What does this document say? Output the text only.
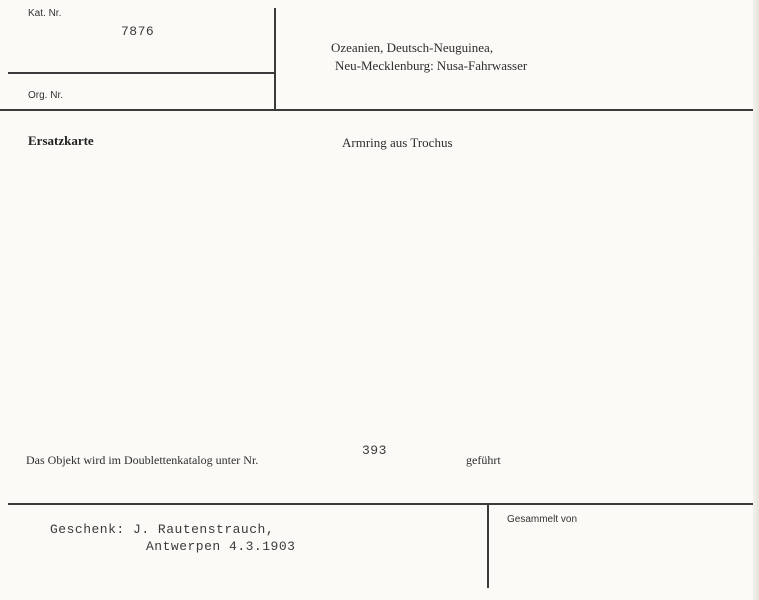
Kat. Nr.
7876
Org. Nr.
Ozeanien, Deutsch-Neuguinea,
Neu-Mecklenburg: Nusa-Fahrwasser
Ersatzkarte	Armring aus Trochus
Das Objekt wird im Doublettenkatalog unter Nr.
393
geführt
Geschenk: J. Rautenstrauch,
Antwerpen 4.3.1903
Gesammelt von
